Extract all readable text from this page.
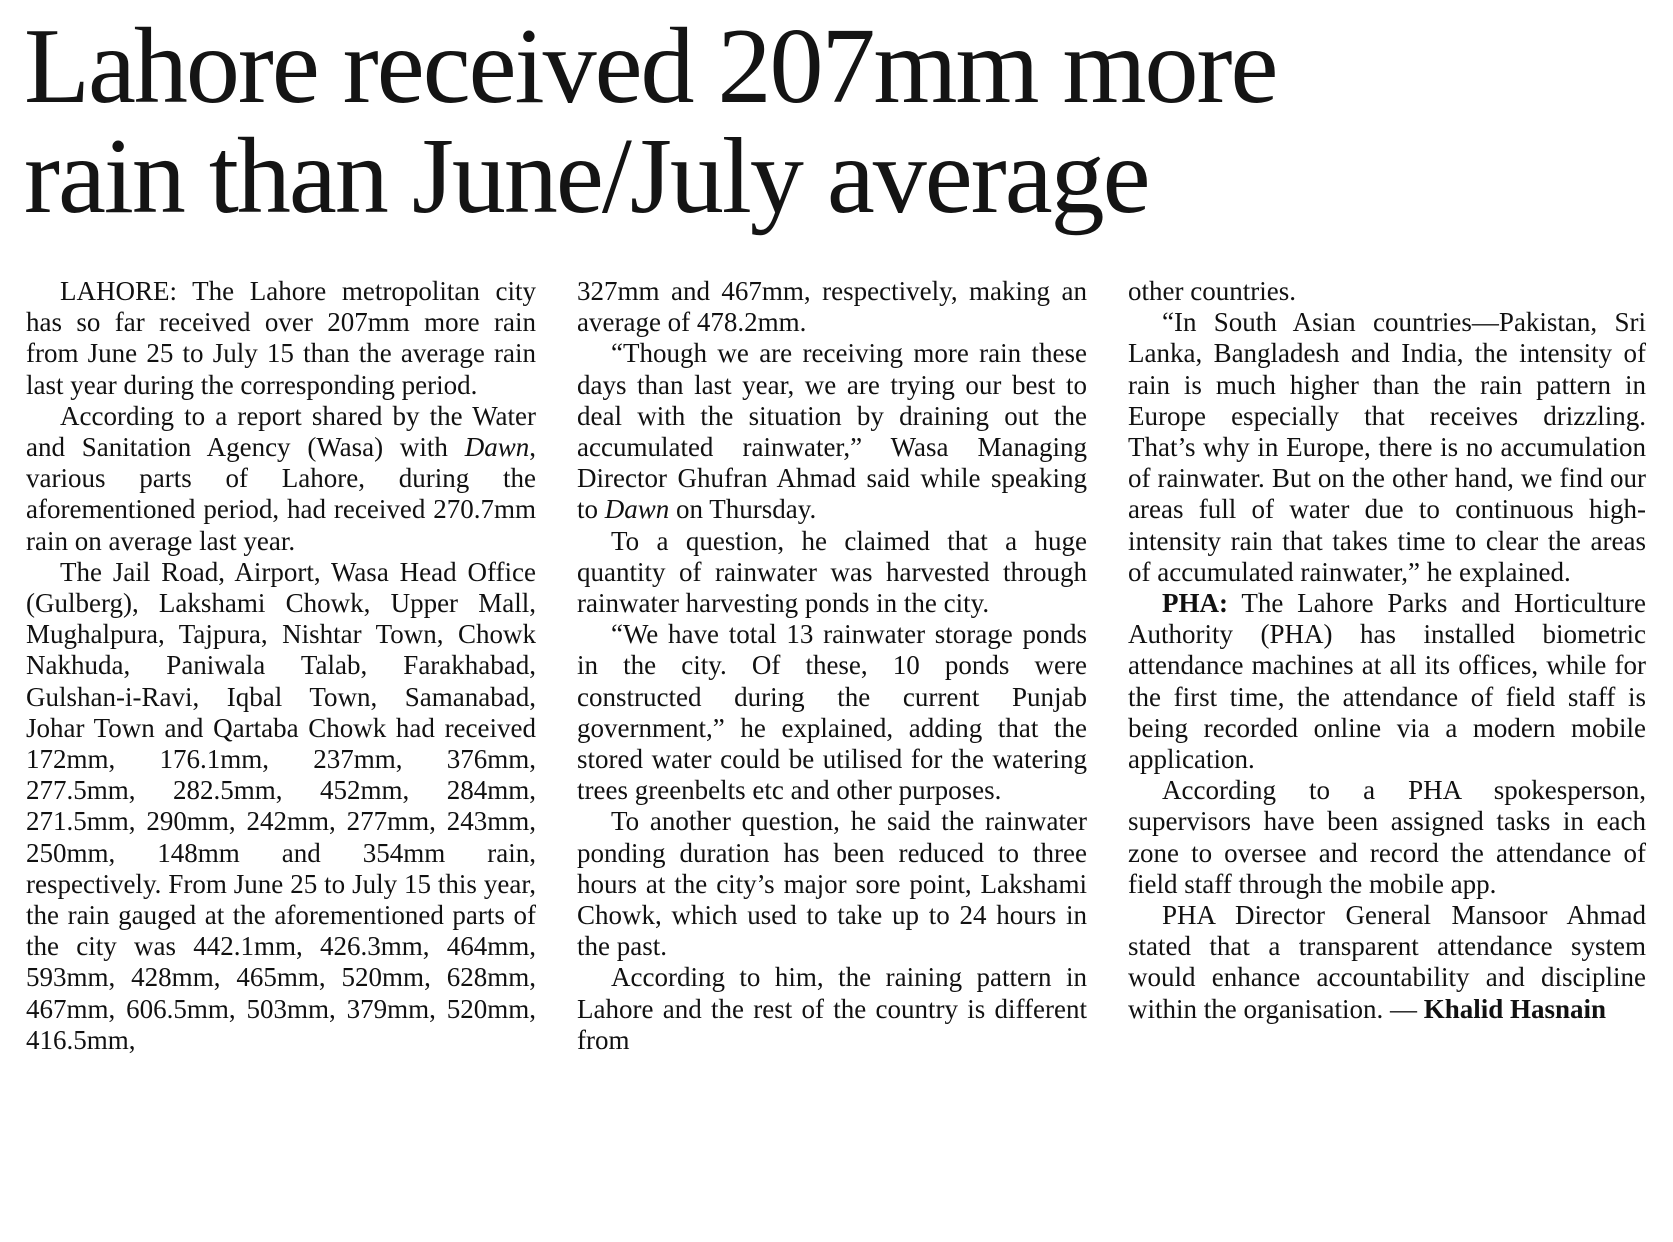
Lahore received 207mm more
rain than June/July average

LAHORE: The Lahore metropolitan city has so far received over 207mm more rain from June 25 to July 15 than the average rain last year during the corresponding period.

According to a report shared by the Water and Sanitation Agency (Wasa) with Dawn, various parts of Lahore, during the aforementioned period, had received 270.7mm rain on average last year.

The Jail Road, Airport, Wasa Head Office (Gulberg), Lakshami Chowk, Upper Mall, Mughalpura, Tajpura, Nishtar Town, Chowk Nakhuda, Paniwala Talab, Farakhabad, Gulshan-i-Ravi, Iqbal Town, Samanabad, Johar Town and Qartaba Chowk had received 172mm, 176.1mm, 237mm, 376mm, 277.5mm, 282.5mm, 452mm, 284mm, 271.5mm, 290mm, 242mm, 277mm, 243mm, 250mm, 148mm and 354mm rain, respectively. From June 25 to July 15 this year, the rain gauged at the aforementioned parts of the city was 442.1mm, 426.3mm, 464mm, 593mm, 428mm, 465mm, 520mm, 628mm, 467mm, 606.5mm, 503mm, 379mm, 520mm, 416.5mm,

327mm and 467mm, respectively, making an average of 478.2mm.

“Though we are receiving more rain these days than last year, we are trying our best to deal with the situation by draining out the accumulated rainwater,” Wasa Managing Director Ghufran Ahmad said while speaking to Dawn on Thursday.

To a question, he claimed that a huge quantity of rainwater was harvested through rainwater harvesting ponds in the city.

“We have total 13 rainwater storage ponds in the city. Of these, 10 ponds were constructed during the current Punjab government,” he explained, adding that the stored water could be utilised for the watering trees greenbelts etc and other purposes.

To another question, he said the rainwater ponding duration has been reduced to three hours at the city’s major sore point, Lakshami Chowk, which used to take up to 24 hours in the past.

According to him, the raining pattern in Lahore and the rest of the country is different from

other countries.

“In South Asian countries—Pakistan, Sri Lanka, Bangladesh and India, the intensity of rain is much higher than the rain pattern in Europe especially that receives drizzling. That’s why in Europe, there is no accumulation of rainwater. But on the other hand, we find our areas full of water due to continuous high-intensity rain that takes time to clear the areas of accumulated rainwater,” he explained.

PHA: The Lahore Parks and Horticulture Authority (PHA) has installed biometric attendance machines at all its offices, while for the first time, the attendance of field staff is being recorded online via a modern mobile application.

According to a PHA spokesperson, supervisors have been assigned tasks in each zone to oversee and record the attendance of field staff through the mobile app.

PHA Director General Mansoor Ahmad stated that a transparent attendance system would enhance accountability and discipline within the organisation. — Khalid Hasnain
